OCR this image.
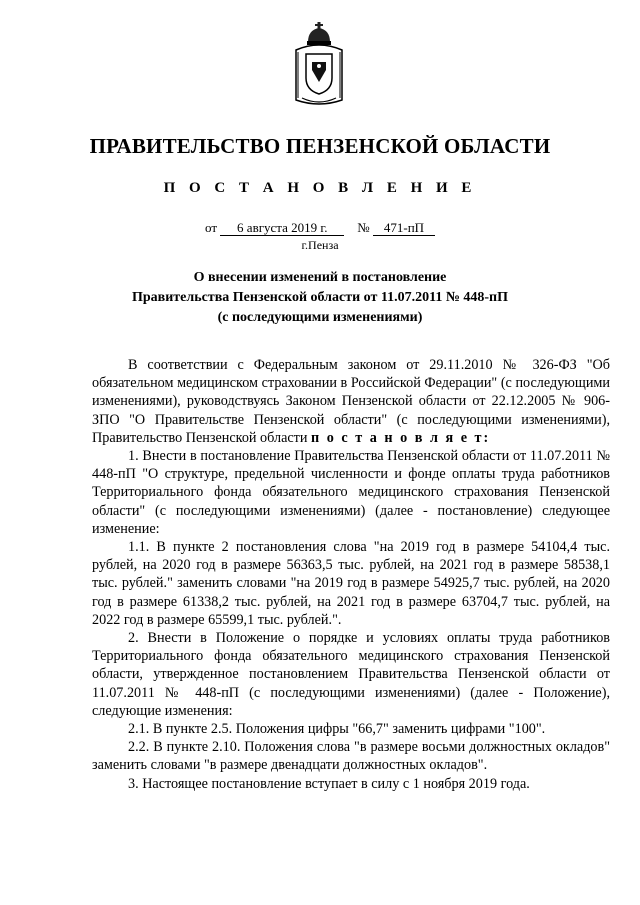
ПРАВИТЕЛЬСТВО ПЕНЗЕНСКОЙ ОБЛАСТИ
П О С Т А Н О В Л Е Н И Е
от 6 августа 2019 г. № 471-пП
г.Пенза
О внесении изменений в постановление
Правительства Пензенской области от 11.07.2011 № 448-пП
(с последующими изменениями)

В соответствии с Федеральным законом от 29.11.2010 № 326-ФЗ "Об обязательном медицинском страховании в Российской Федерации" (с последующими изменениями), руководствуясь Законом Пензенской области от 22.12.2005 № 906-ЗПО "О Правительстве Пензенской области" (с последующими изменениями), Правительство Пензенской области п о с т а н о в л я е т:

1. Внести в постановление Правительства Пензенской области от 11.07.2011 № 448-пП "О структуре, предельной численности и фонде оплаты труда работников Территориального фонда обязательного медицинского страхования Пензенской области" (с последующими изменениями) (далее - постановление) следующее изменение:

1.1. В пункте 2 постановления слова "на 2019 год в размере 54104,4 тыс. рублей, на 2020 год в размере 56363,5 тыс. рублей, на 2021 год в размере 58538,1 тыс. рублей." заменить словами "на 2019 год в размере 54925,7 тыс. рублей, на 2020 год в размере 61338,2 тыс. рублей, на 2021 год в размере 63704,7 тыс. рублей, на 2022 год в размере 65599,1 тыс. рублей.".

2. Внести в Положение о порядке и условиях оплаты труда работников Территориального фонда обязательного медицинского страхования Пензенской области, утвержденное постановлением Правительства Пензенской области от 11.07.2011 № 448-пП (с последующими изменениями) (далее - Положение), следующие изменения:

2.1. В пункте 2.5. Положения цифры "66,7" заменить цифрами "100".

2.2. В пункте 2.10. Положения слова "в размере восьми должностных окладов" заменить словами "в размере двенадцати должностных окладов".

3. Настоящее постановление вступает в силу с 1 ноября 2019 года.
